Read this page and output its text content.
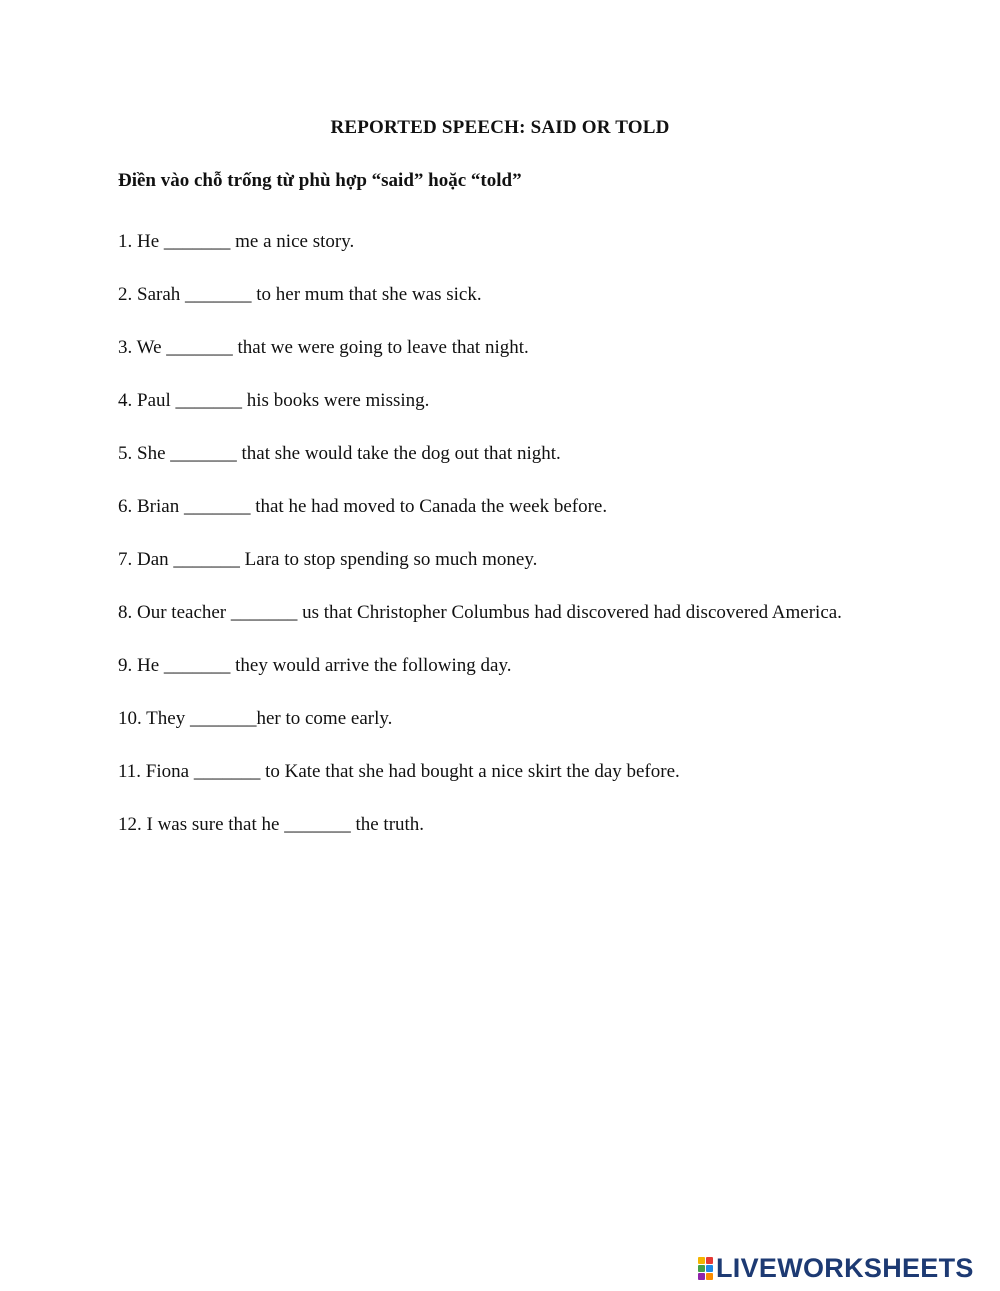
REPORTED SPEECH: SAID OR TOLD
Điền vào chỗ trống từ phù hợp “said” hoặc “told”
1. He _______ me a nice story.
2. Sarah _______ to her mum that she was sick.
3. We _______ that we were going to leave that night.
4. Paul _______ his books were missing.
5. She _______ that she would take the dog out that night.
6. Brian _______ that he had moved to Canada the week before.
7. Dan _______ Lara to stop spending so much money.
8. Our teacher _______ us that Christopher Columbus had discovered had discovered America.
9. He _______ they would arrive the following day.
10. They _______her to come early.
11. Fiona _______ to Kate that she had bought a nice skirt the day before.
12. I was sure that he _______ the truth.
LIVEWORKSHEETS
